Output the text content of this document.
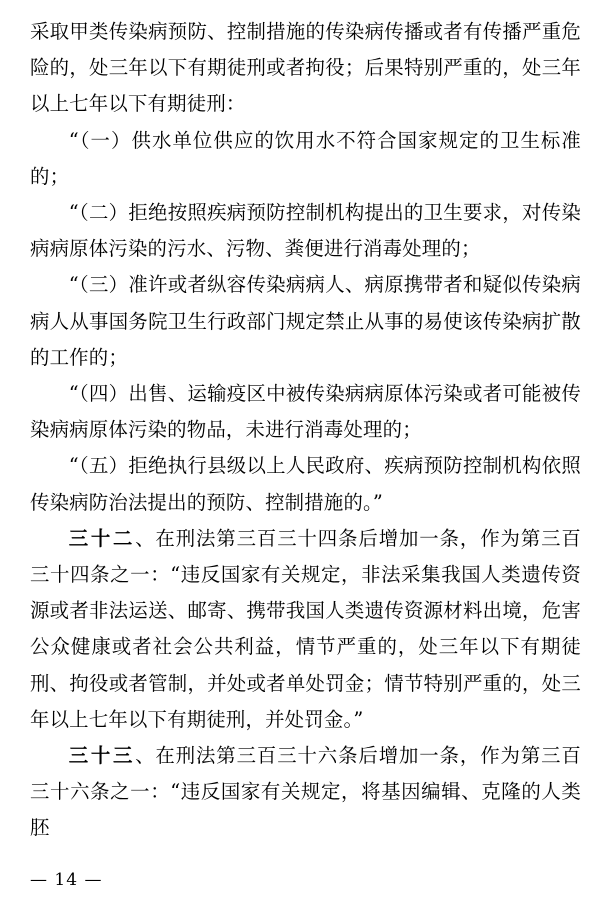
采取甲类传染病预防、控制措施的传染病传播或者有传播严重危险的，处三年以下有期徒刑或者拘役；后果特别严重的，处三年以上七年以下有期徒刑：

“（一）供水单位供应的饮用水不符合国家规定的卫生标准的；

“（二）拒绝按照疾病预防控制机构提出的卫生要求，对传染病病原体污染的污水、污物、粪便进行消毒处理的；

“（三）准许或者纵容传染病病人、病原携带者和疑似传染病病人从事国务院卫生行政部门规定禁止从事的易使该传染病扩散的工作的；

“（四）出售、运输疫区中被传染病病原体污染或者可能被传染病病原体污染的物品，未进行消毒处理的；

“（五）拒绝执行县级以上人民政府、疾病预防控制机构依照传染病防治法提出的预防、控制措施的。”

三十二、在刑法第三百三十四条后增加一条，作为第三百三十四条之一：“违反国家有关规定，非法采集我国人类遗传资源或者非法运送、邮寄、携带我国人类遗传资源材料出境，危害公众健康或者社会公共利益，情节严重的，处三年以下有期徒刑、拘役或者管制，并处或者单处罚金；情节特别严重的，处三年以上七年以下有期徒刑，并处罚金。”

三十三、在刑法第三百三十六条后增加一条，作为第三百三十六条之一：“违反国家有关规定，将基因编辑、克隆的人类胚

— 14 —
